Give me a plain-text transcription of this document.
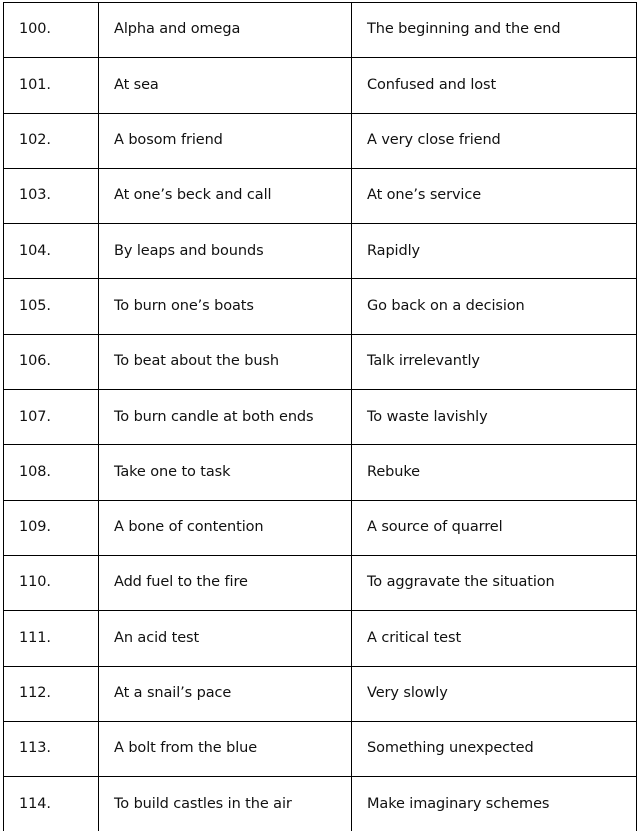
100.	Alpha and omega	The beginning and the end
101.	At sea	Confused and lost
102.	A bosom friend	A very close friend
103.	At one’s beck and call	At one’s service
104.	By leaps and bounds	Rapidly
105.	To burn one’s boats	Go back on a decision
106.	To beat about the bush	Talk irrelevantly
107.	To burn candle at both ends	To waste lavishly
108.	Take one to task	Rebuke
109.	A bone of contention	A source of quarrel
110.	Add fuel to the fire	To aggravate the situation
111.	An acid test	A critical test
112.	At a snail’s pace	Very slowly
113.	A bolt from the blue	Something unexpected
114.	To build castles in the air	Make imaginary schemes
